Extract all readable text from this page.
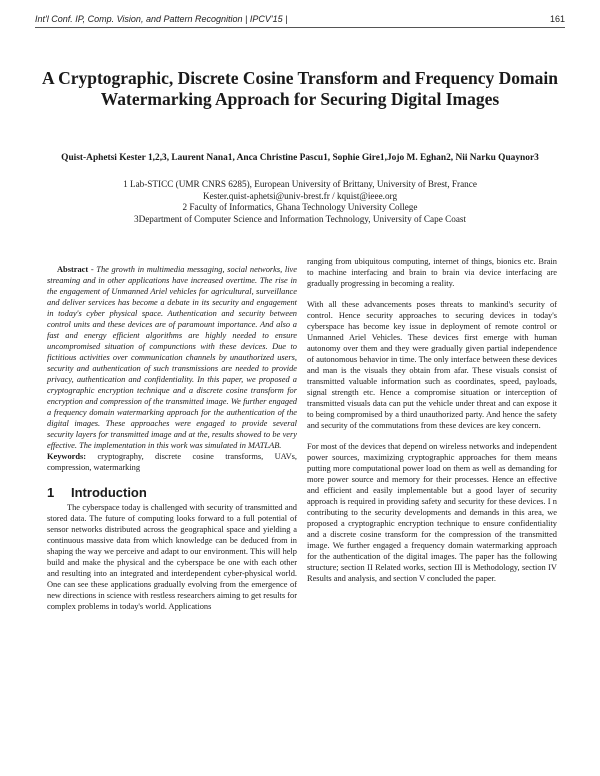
Int'l Conf. IP, Comp. Vision, and Pattern Recognition | IPCV'15 |	161
A Cryptographic, Discrete Cosine Transform and Frequency Domain Watermarking Approach for Securing Digital Images
Quist-Aphetsi Kester 1,2,3, Laurent Nana1, Anca Christine Pascu1, Sophie Gire1,Jojo M. Eghan2, Nii Narku Quaynor3
1 Lab-STICC (UMR CNRS 6285), European University of Brittany, University of Brest, France
Kester.quist-aphetsi@univ-brest.fr / kquist@ieee.org
2 Faculty of Informatics, Ghana Technology University College
3Department of Computer Science and Information Technology, University of Cape Coast

Abstract - The growth in multimedia messaging, social networks, live streaming and in other applications have increased overtime. The rise in the engagement of Unmanned Ariel vehicles for agricultural, surveillance and deliver services has become a debate in its security and engagement in today's cyber physical space. Authentication and security between control units and these devices are of paramount importance. And also a fast and energy efficient algorithms are highly needed to ensure uncompromised situation of compunctions with these devices. Due to fictitious activities over communication channels by unauthorized users, security and authentication of such transmissions are needed to provide privacy, authentication and confidentiality. In this paper, we proposed a cryptographic encryption technique and a discrete cosine transform for encryption and compression of the transmitted image. We further engaged a frequency domain watermarking approach for the authentication of the digital images. These approaches were engaged to provide several security layers for transmitted image and at the, results showed to be very effective. The implementation in this work was simulated in MATLAB.

Keywords: cryptography, discrete cosine transforms, UAVs, compression, watermarking

1 Introduction

The cyberspace today is challenged with security of transmitted and stored data. The future of computing looks forward to a full potential of sensor networks distributed across the geographical space and yielding a continuous massive data from which knowledge can be deduced from in shaping the way we perceive and adapt to our environment. This will help build and make the physical and the cyberspace be one with each other and resulting into an integrated and interdependent cyber-physical world. One can see these applications gradually evolving from the emergence of new directions in science with restless researchers aiming to get results for complex problems in today's world. Applications

ranging from ubiquitous computing, internet of things, bionics etc. Brain to machine interfacing and brain to brain via device interfacing are gradually progressing in becoming a reality.

With all these advancements poses threats to mankind's security of control. Hence security approaches to securing devices in today's cyberspace has become key issue in deployment of remote control or Unmanned Ariel Vehicles. These devices first emerge with human autonomy over them and they were gradually given partial independence of autonomous behavior in time. The only interface between these devices and man is the visuals they obtain from afar. These visuals consist of transmitted valuable information such as coordinates, speed, payloads, signal strength etc. Hence a compromise situation or interception of transmitted visuals data can put the vehicle under threat and can expose it to being compromised by a third unauthorized party. And hence the safety and security of the commutations from these devices are key concern.

For most of the devices that depend on wireless networks and independent power sources, maximizing cryptographic approaches for them means putting more computational power load on them as well as demanding for more power source and memory for their processes. Hence an effective and efficient and easily implementable but a good layer of security approach is required in providing safety and security for these devices. I n contributing to the security developments and demands in this area, we proposed a cryptographic encryption technique to ensure confidentiality and a discrete cosine transform for the compression of the transmitted image. We further engaged a frequency domain watermarking approach for the authentication of the digital images. The paper has the following structure; section II Related works, section III is Methodology, section IV Results and analysis, and section V concluded the paper.
